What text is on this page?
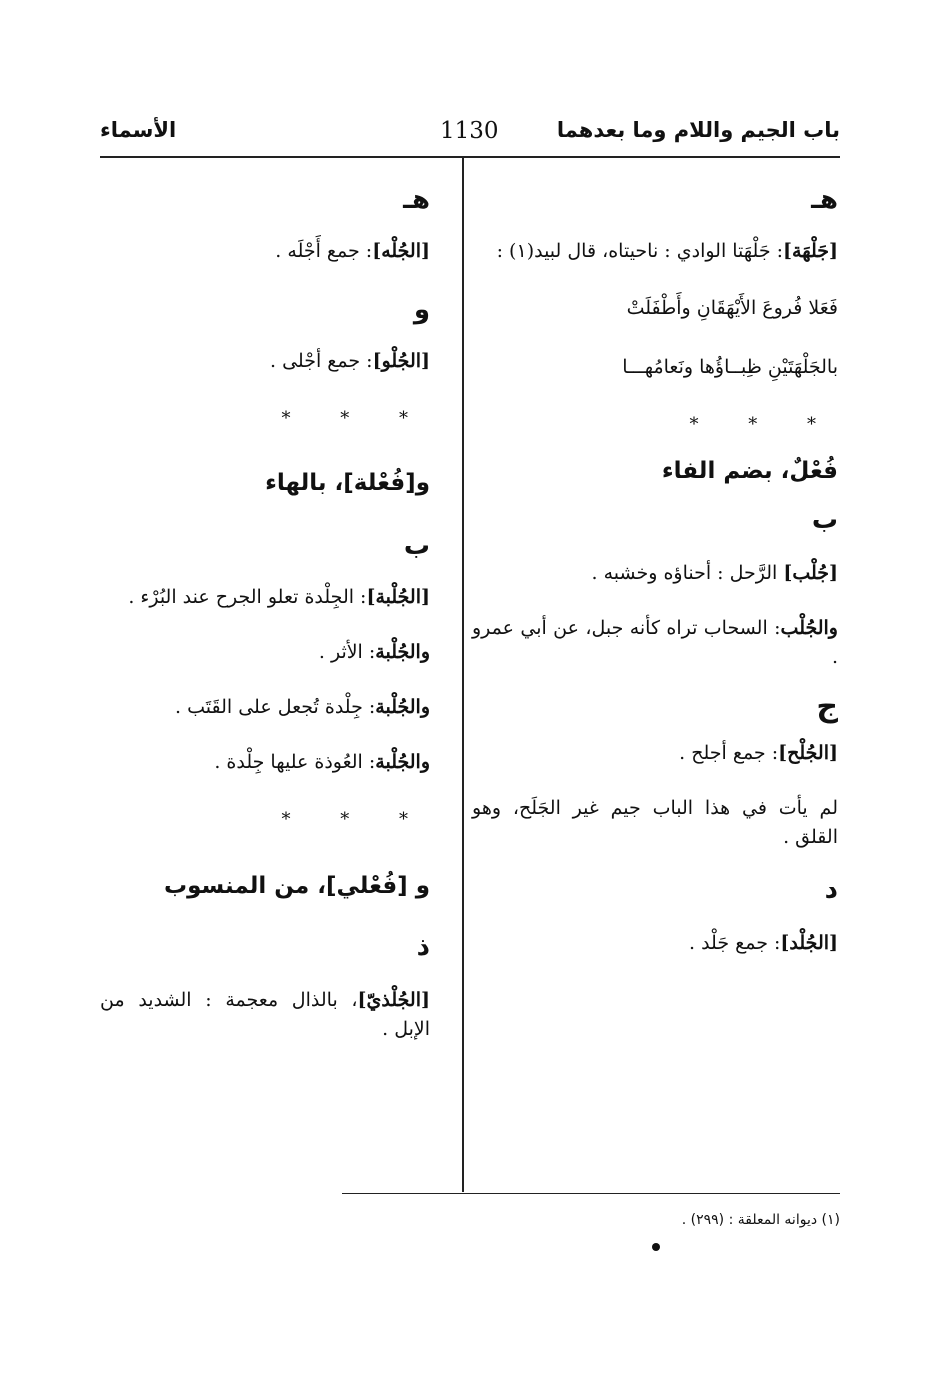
باب الجيم واللام وما بعدهما
1130
الأسماء

هـ

[جَلْهَة]: جَلْهَتا الوادي : ناحيتاه، قال لبيد(١) :

فَعَلا فُروعَ الأَيْهَقَانِ وأَطْفَلَتْ

بالجَلْهَتَيْنِ ظِبــاؤُها ونَعامُهـــا

* * *

فُعْلٌ، بضم الفاء

ب

[جُلْب] الرَّحل : أحناؤه وخشبه .

والجُلْب: السحاب تراه كأنه جبل، عن أبي عمرو .

ج

[الجُلْح]: جمع أجلح .

لم يأت في هذا الباب جيم غير الجَلَح، وهو القلق .

د

[الجُلْد]: جمع جَلْد .

هـ

[الجُلْه]: جمع أَجْلَه .

و

[الجُلْو]: جمع أجْلى .

* * *

و[فُعْلة]، بالهاء

ب

[الجُلْبة]: الجِلْدة تعلو الجرح عند البُرْء .

والجُلْبة: الأثر .

والجُلْبة: جِلْدة تُجعل على القَتَب .

والجُلْبة: العُوذة عليها جِلْدة .

* * *

و [فُعْلي]، من المنسوب

ذ

[الجُلْذيّ]، بالذال معجمة : الشديد من الإبل .

(١) ديوانه المعلقة : (٢٩٩) .
